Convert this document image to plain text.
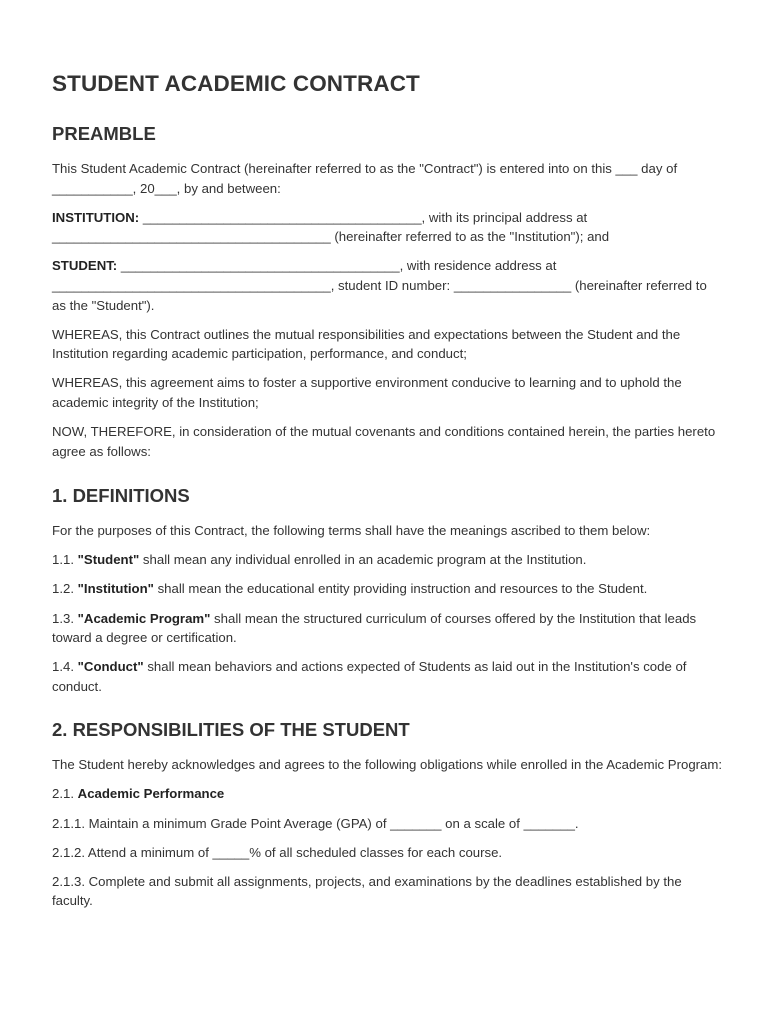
STUDENT ACADEMIC CONTRACT
PREAMBLE

This Student Academic Contract (hereinafter referred to as the "Contract") is entered into on this ___ day of ___________, 20___, by and between:

INSTITUTION: ______________________________________, with its principal address at ______________________________________ (hereinafter referred to as the "Institution"); and

STUDENT: ______________________________________, with residence address at ______________________________________, student ID number: ________________ (hereinafter referred to as the "Student").

WHEREAS, this Contract outlines the mutual responsibilities and expectations between the Student and the Institution regarding academic participation, performance, and conduct;

WHEREAS, this agreement aims to foster a supportive environment conducive to learning and to uphold the academic integrity of the Institution;

NOW, THEREFORE, in consideration of the mutual covenants and conditions contained herein, the parties hereto agree as follows:

1. DEFINITIONS

For the purposes of this Contract, the following terms shall have the meanings ascribed to them below:

1.1. "Student" shall mean any individual enrolled in an academic program at the Institution.

1.2. "Institution" shall mean the educational entity providing instruction and resources to the Student.

1.3. "Academic Program" shall mean the structured curriculum of courses offered by the Institution that leads toward a degree or certification.

1.4. "Conduct" shall mean behaviors and actions expected of Students as laid out in the Institution's code of conduct.

2. RESPONSIBILITIES OF THE STUDENT

The Student hereby acknowledges and agrees to the following obligations while enrolled in the Academic Program:

2.1. Academic Performance

2.1.1. Maintain a minimum Grade Point Average (GPA) of _______ on a scale of _______.

2.1.2. Attend a minimum of _____% of all scheduled classes for each course.

2.1.3. Complete and submit all assignments, projects, and examinations by the deadlines established by the faculty.
